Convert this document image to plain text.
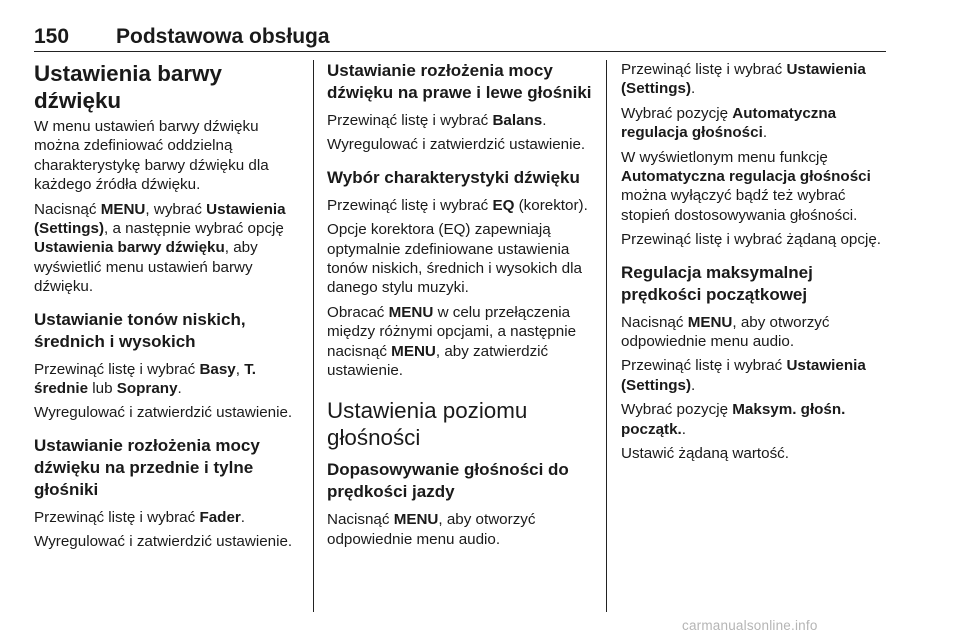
150 Podstawowa obsługa
Ustawienia barwy dźwięku

W menu ustawień barwy dźwięku można zdefiniować oddzielną charakterystykę barwy dźwięku dla każdego źródła dźwięku.

Nacisnąć MENU, wybrać Ustawienia (Settings), a następnie wybrać opcję Ustawienia barwy dźwięku, aby wyświetlić menu ustawień barwy dźwięku.

Ustawianie tonów niskich, średnich i wysokich

Przewinąć listę i wybrać Basy, T. średnie lub Soprany.

Wyregulować i zatwierdzić ustawienie.

Ustawianie rozłożenia mocy dźwięku na przednie i tylne głośniki

Przewinąć listę i wybrać Fader.

Wyregulować i zatwierdzić ustawienie.

Ustawianie rozłożenia mocy dźwięku na prawe i lewe głośniki

Przewinąć listę i wybrać Balans.

Wyregulować i zatwierdzić ustawienie.

Wybór charakterystyki dźwięku

Przewinąć listę i wybrać EQ (korektor).

Opcje korektora (EQ) zapewniają optymalnie zdefiniowane ustawienia tonów niskich, średnich i wysokich dla danego stylu muzyki.

Obracać MENU w celu przełączenia między różnymi opcjami, a następnie nacisnąć MENU, aby zatwierdzić ustawienie.

Ustawienia poziomu głośności
Dopasowywanie głośności do prędkości jazdy

Nacisnąć MENU, aby otworzyć odpowiednie menu audio.

Przewinąć listę i wybrać Ustawienia (Settings).

Wybrać pozycję Automatyczna regulacja głośności.

W wyświetlonym menu funkcję Automatyczna regulacja głośności można wyłączyć bądź też wybrać stopień dostosowywania głośności.

Przewinąć listę i wybrać żądaną opcję.

Regulacja maksymalnej prędkości początkowej

Nacisnąć MENU, aby otworzyć odpowiednie menu audio.

Przewinąć listę i wybrać Ustawienia (Settings).

Wybrać pozycję Maksym. głośn. początk..

Ustawić żądaną wartość.

carmanualsonline.info
